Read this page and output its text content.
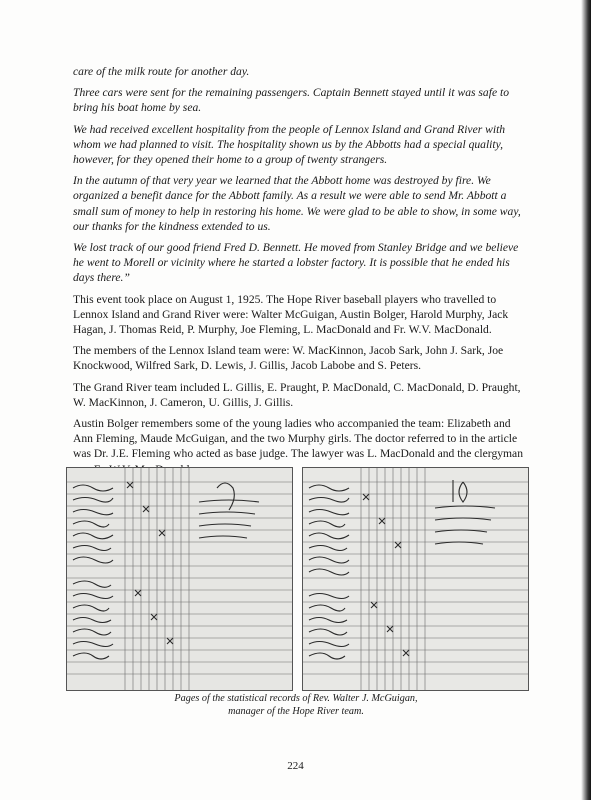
care of the milk route for another day.

Three cars were sent for the remaining passengers. Captain Bennett stayed until it was safe to bring his boat home by sea.

We had received excellent hospitality from the people of Lennox Island and Grand River with whom we had planned to visit. The hospitality shown us by the Abbotts had a special quality, however, for they opened their home to a group of twenty strangers.

In the autumn of that very year we learned that the Abbott home was destroyed by fire. We organized a benefit dance for the Abbott family. As a result we were able to send Mr. Abbott a small sum of money to help in restoring his home. We were glad to be able to show, in some way, our thanks for the kindness extended to us.

We lost track of our good friend Fred D. Bennett. He moved from Stanley Bridge and we believe he went to Morell or vicinity where he started a lobster factory. It is possible that he ended his days there.”

This event took place on August 1, 1925. The Hope River baseball players who travelled to Lennox Island and Grand River were: Walter McGuigan, Austin Bolger, Harold Murphy, Jack Hagan, J. Thomas Reid, P. Murphy, Joe Fleming, L. MacDonald and Fr. W.V. MacDonald.

The members of the Lennox Island team were: W. MacKinnon, Jacob Sark, John J. Sark, Joe Knockwood, Wilfred Sark, D. Lewis, J. Gillis, Jacob Labobe and S. Peters.

The Grand River team included L. Gillis, E. Praught, P. MacDonald, C. MacDonald, D. Praught, W. MacKinnon, J. Cameron, U. Gillis, J. Gillis.

Austin Bolger remembers some of the young ladies who accompanied the team: Elizabeth and Ann Fleming, Maude McGuigan, and the two Murphy girls. The doctor referred to in the article was Dr. J.E. Fleming who acted as base judge. The lawyer was L. MacDonald and the clergyman

Pages of the statistical records of Rev. Walter J. McGuigan,
manager of the Hope River team.
224
